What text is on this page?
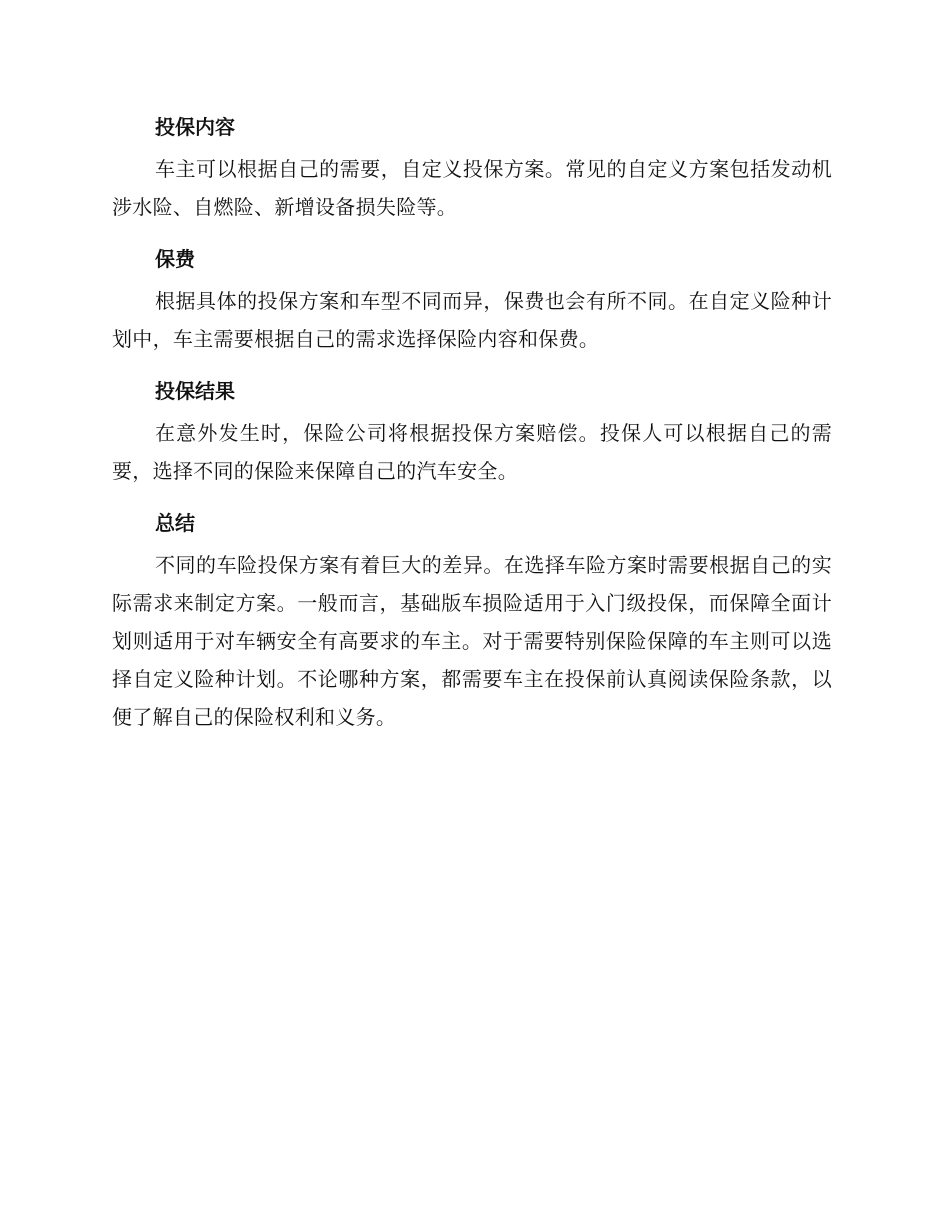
投保内容

车主可以根据自己的需要，自定义投保方案。常见的自定义方案包括发动机涉水险、自燃险、新增设备损失险等。

保费

根据具体的投保方案和车型不同而异，保费也会有所不同。在自定义险种计划中，车主需要根据自己的需求选择保险内容和保费。

投保结果

在意外发生时，保险公司将根据投保方案赔偿。投保人可以根据自己的需要，选择不同的保险来保障自己的汽车安全。

总结

不同的车险投保方案有着巨大的差异。在选择车险方案时需要根据自己的实际需求来制定方案。一般而言，基础版车损险适用于入门级投保，而保障全面计划则适用于对车辆安全有高要求的车主。对于需要特别保险保障的车主则可以选择自定义险种计划。不论哪种方案，都需要车主在投保前认真阅读保险条款，以便了解自己的保险权利和义务。
